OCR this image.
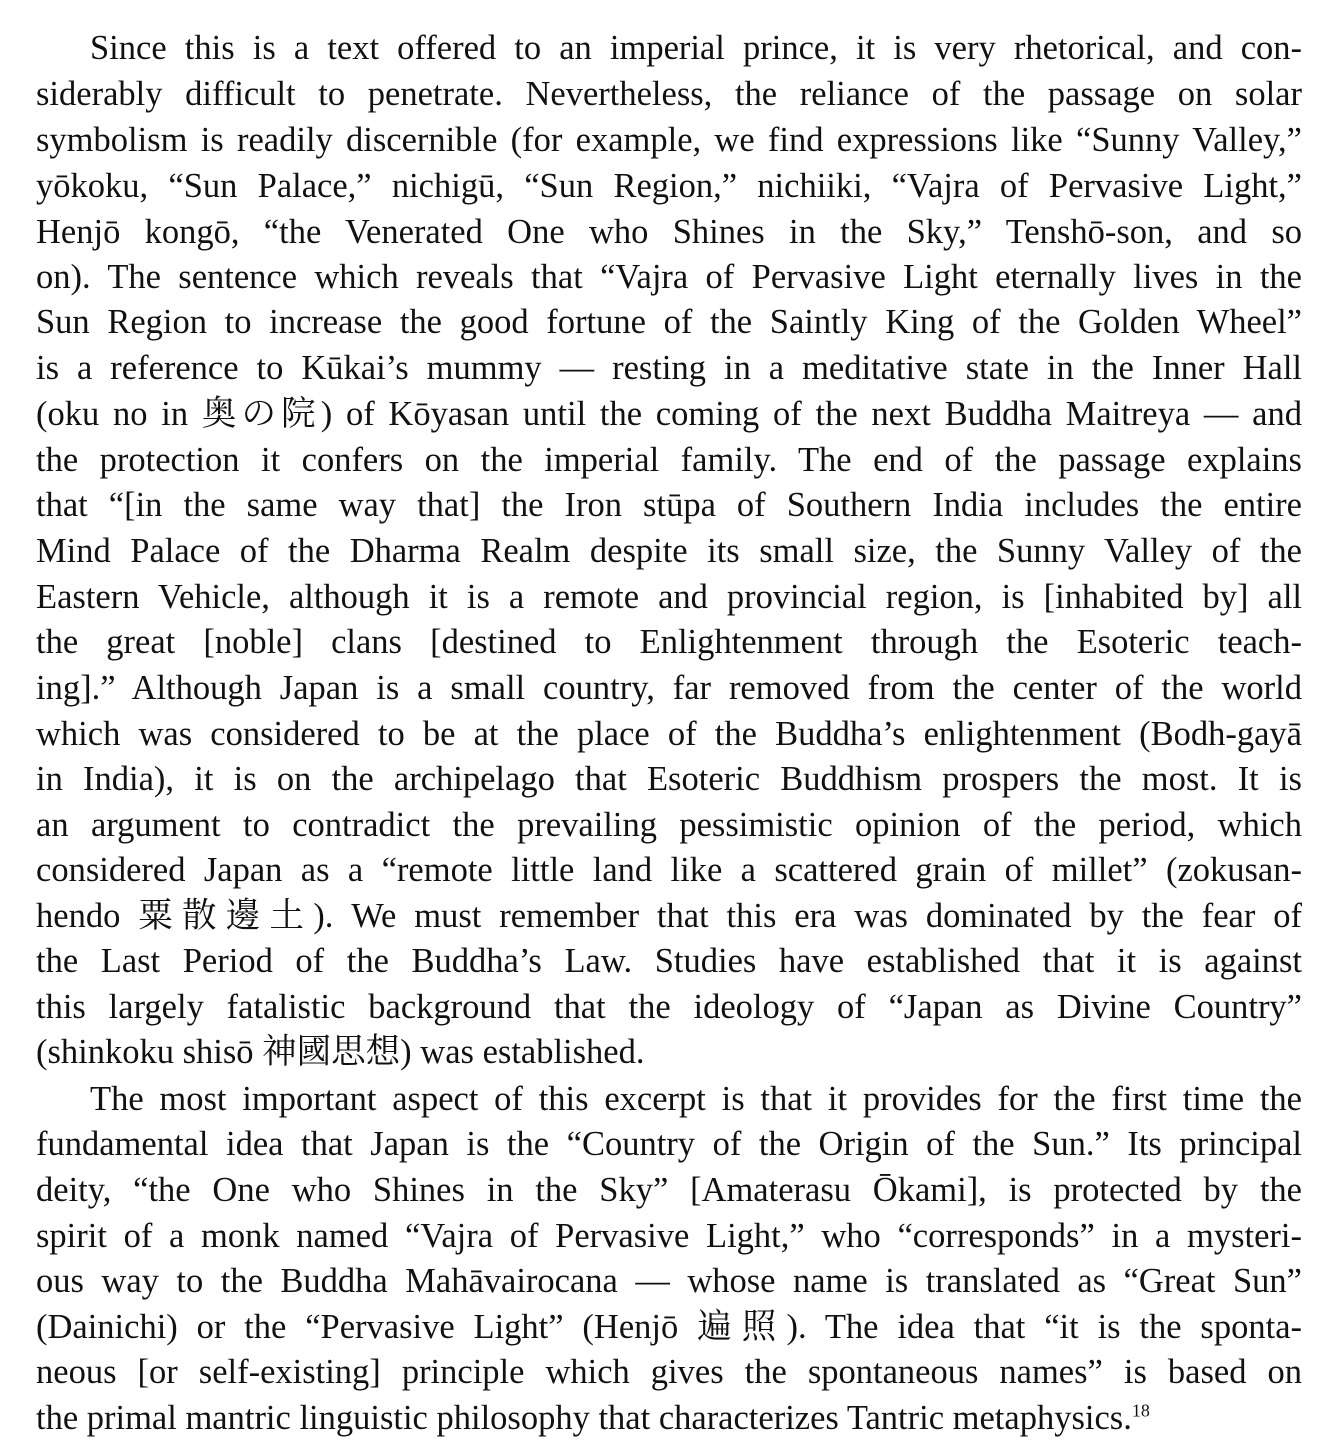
Since this is a text offered to an imperial prince, it is very rhetorical, and con-
siderably difficult to penetrate. Nevertheless, the reliance of the passage on solar
symbolism is readily discernible (for example, we find expressions like “Sunny Valley,”
yōkoku, “Sun Palace,” nichigū, “Sun Region,” nichiiki, “Vajra of Pervasive Light,”
Henjō kongō, “the Venerated One who Shines in the Sky,” Tenshō-son, and so
on). The sentence which reveals that “Vajra of Pervasive Light eternally lives in the
Sun Region to increase the good fortune of the Saintly King of the Golden Wheel”
is a reference to Kūkai’s mummy — resting in a meditative state in the Inner Hall
(oku no in 奥の院) of Kōyasan until the coming of the next Buddha Maitreya — and
the protection it confers on the imperial family. The end of the passage explains
that “[in the same way that] the Iron stūpa of Southern India includes the entire
Mind Palace of the Dharma Realm despite its small size, the Sunny Valley of the
Eastern Vehicle, although it is a remote and provincial region, is [inhabited by] all
the great [noble] clans [destined to Enlightenment through the Esoteric teach-
ing].” Although Japan is a small country, far removed from the center of the world
which was considered to be at the place of the Buddha’s enlightenment (Bodh-gayā
in India), it is on the archipelago that Esoteric Buddhism prospers the most. It is
an argument to contradict the prevailing pessimistic opinion of the period, which
considered Japan as a “remote little land like a scattered grain of millet” (zokusan-
hendo 粟散邊土). We must remember that this era was dominated by the fear of
the Last Period of the Buddha’s Law. Studies have established that it is against
this largely fatalistic background that the ideology of “Japan as Divine Country”
(shinkoku shisō 神國思想) was established.
The most important aspect of this excerpt is that it provides for the first time the
fundamental idea that Japan is the “Country of the Origin of the Sun.” Its principal
deity, “the One who Shines in the Sky” [Amaterasu Ōkami], is protected by the
spirit of a monk named “Vajra of Pervasive Light,” who “corresponds” in a mysteri-
ous way to the Buddha Mahāvairocana — whose name is translated as “Great Sun”
(Dainichi) or the “Pervasive Light” (Henjō 遍照). The idea that “it is the sponta-
neous [or self-existing] principle which gives the spontaneous names” is based on
the primal mantric linguistic philosophy that characterizes Tantric metaphysics.$^{18}$
